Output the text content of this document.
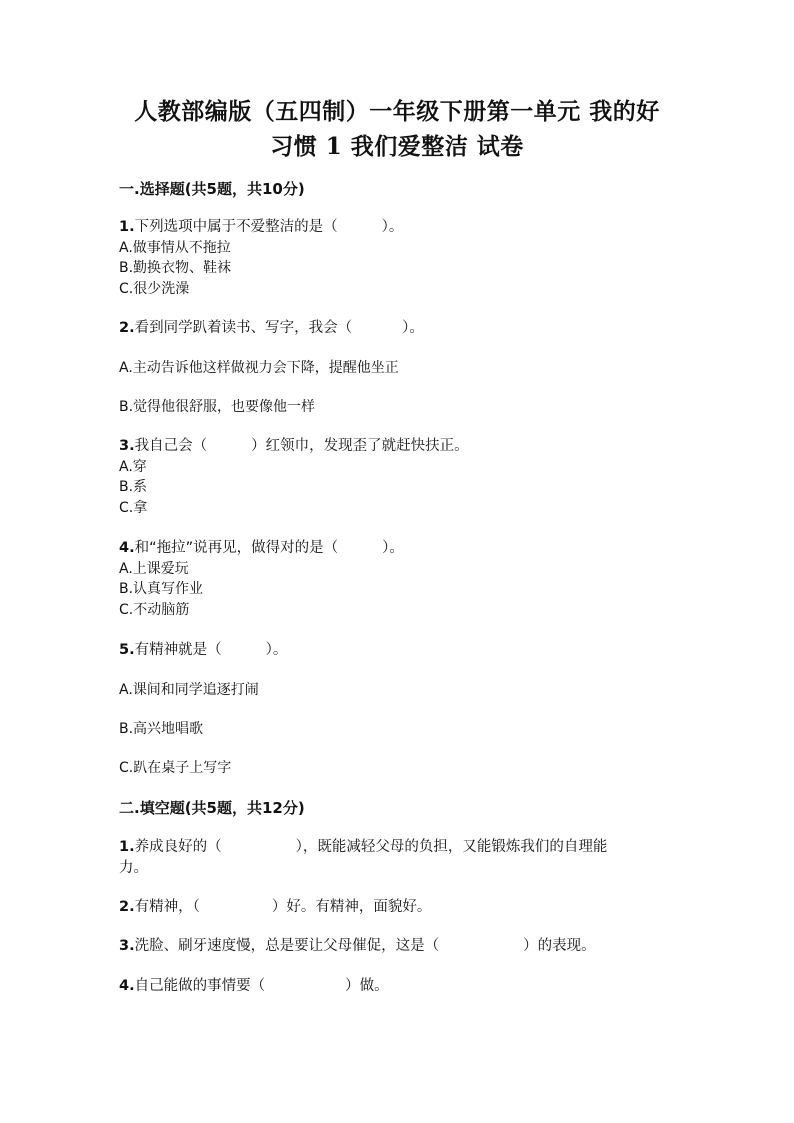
人教部编版（五四制）一年级下册第一单元 我的好
习惯 1 我们爱整洁 试卷
一.选择题(共5题，共10分)
1.下列选项中属于不爱整洁的是（	）。
A.做事情从不拖拉
B.勤换衣物、鞋袜
C.很少洗澡
2.看到同学趴着读书、写字，我会（	）。
A.主动告诉他这样做视力会下降，提醒他坐正
B.觉得他很舒服，也要像他一样
3.我自己会（	）红领巾，发现歪了就赶快扶正。
A.穿
B.系
C.拿
4.和“拖拉”说再见，做得对的是（	）。
A.上课爱玩
B.认真写作业
C.不动脑筋
5.有精神就是（	）。
A.课间和同学追逐打闹
B.高兴地唱歌
C.趴在桌子上写字
二.填空题(共5题，共12分)
1.养成良好的（	），既能减轻父母的负担，又能锻炼我们的自理能
力。
2.有精神，（	）好。有精神，面貌好。
3.洗脸、刷牙速度慢，总是要让父母催促，这是（	）的表现。
4.自己能做的事情要（	）做。
